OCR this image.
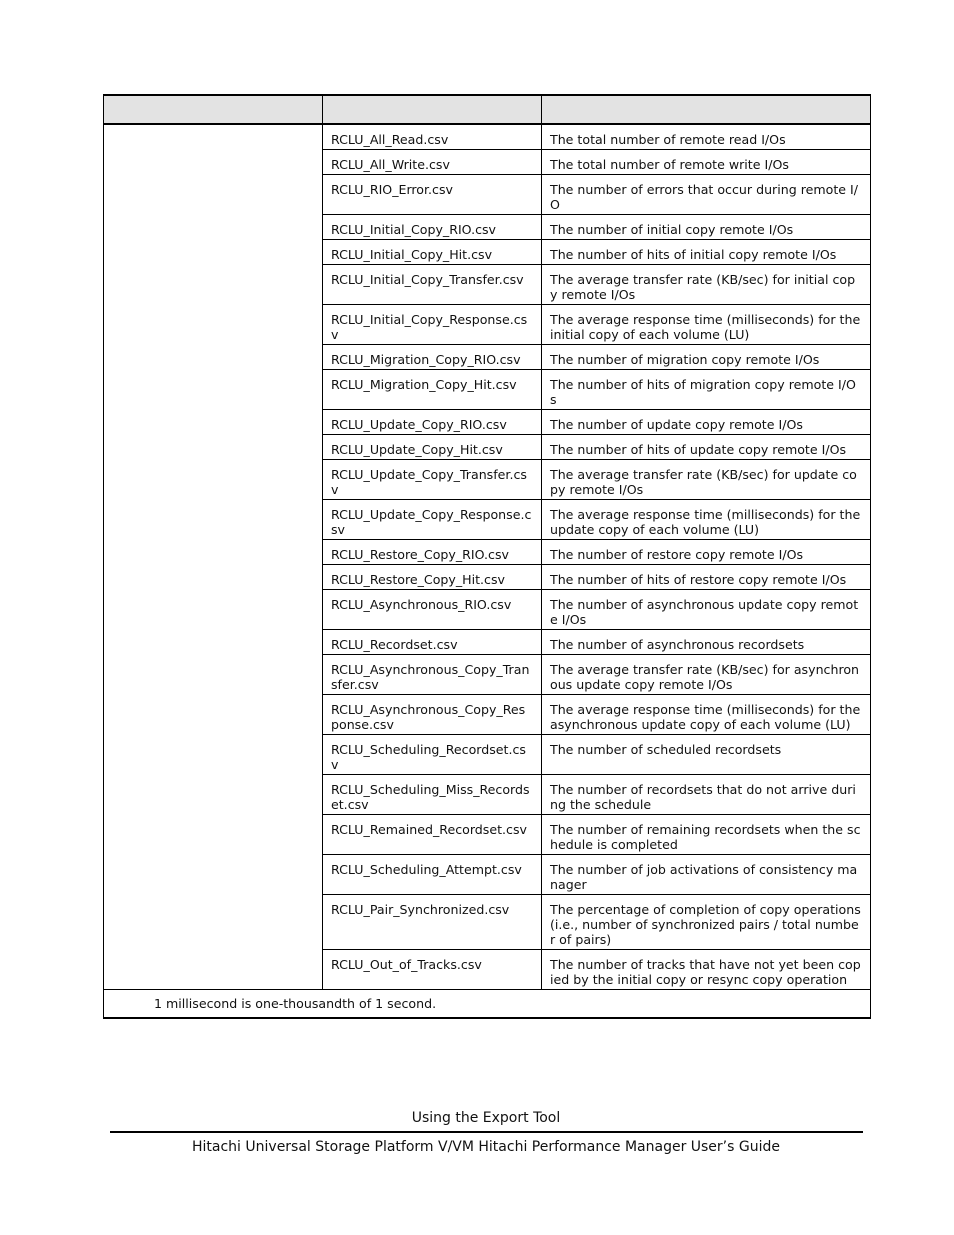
	RCLU_All_Read.csv	The total number of remote read I/Os
	RCLU_All_Write.csv	The total number of remote write I/Os
	RCLU_RIO_Error.csv	The number of errors that occur during remote I/O
	RCLU_Initial_Copy_RIO.csv	The number of initial copy remote I/Os
	RCLU_Initial_Copy_Hit.csv	The number of hits of initial copy remote I/Os
	RCLU_Initial_Copy_Transfer.csv	The average transfer rate (KB/sec) for initial copy remote I/Os
	RCLU_Initial_Copy_Response.csv	The average response time (milliseconds) for the initial copy of each volume (LU)
	RCLU_Migration_Copy_RIO.csv	The number of migration copy remote I/Os
	RCLU_Migration_Copy_Hit.csv	The number of hits of migration copy remote I/Os
	RCLU_Update_Copy_RIO.csv	The number of update copy remote I/Os
	RCLU_Update_Copy_Hit.csv	The number of hits of update copy remote I/Os
	RCLU_Update_Copy_Transfer.csv	The average transfer rate (KB/sec) for update copy remote I/Os
	RCLU_Update_Copy_Response.csv	The average response time (milliseconds) for the update copy of each volume (LU)
	RCLU_Restore_Copy_RIO.csv	The number of restore copy remote I/Os
	RCLU_Restore_Copy_Hit.csv	The number of hits of restore copy remote I/Os
	RCLU_Asynchronous_RIO.csv	The number of asynchronous update copy remote I/Os
	RCLU_Recordset.csv	The number of asynchronous recordsets
	RCLU_Asynchronous_Copy_Transfer.csv	The average transfer rate (KB/sec) for asynchronous update copy remote I/Os
	RCLU_Asynchronous_Copy_Response.csv	The average response time (milliseconds) for the asynchronous update copy of each volume (LU)
	RCLU_Scheduling_Recordset.csv	The number of scheduled recordsets
	RCLU_Scheduling_Miss_Recordset.csv	The number of recordsets that do not arrive during the schedule
	RCLU_Remained_Recordset.csv	The number of remaining recordsets when the schedule is completed
	RCLU_Scheduling_Attempt.csv	The number of job activations of consistency manager
	RCLU_Pair_Synchronized.csv	The percentage of completion of copy operations (i.e., number of synchronized pairs / total number of pairs)
	RCLU_Out_of_Tracks.csv	The number of tracks that have not yet been copied by the initial copy or resync copy operation
1 millisecond is one-thousandth of 1 second.		
Using the Export Tool
Hitachi Universal Storage Platform V/VM Hitachi Performance Manager User’s Guide
